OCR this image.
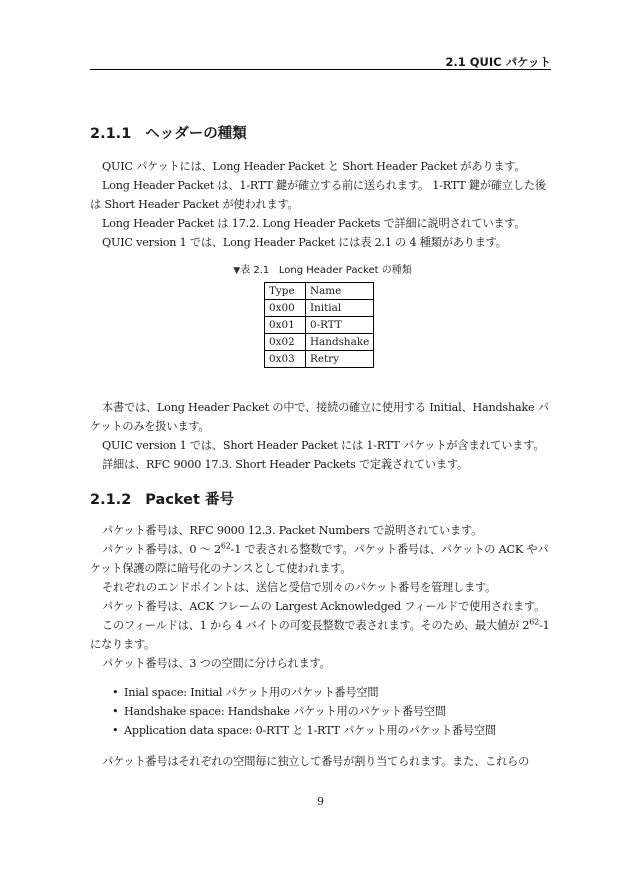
2.1 QUIC パケット
2.1.1 ヘッダーの種類

QUIC パケットには、Long Header Packet と Short Header Packet があります。

Long Header Packet は、1-RTT 鍵が確立する前に送られます。 1-RTT 鍵が確立した後は Short Header Packet が使われます。

Long Header Packet は 17.2. Long Header Packets で詳細に説明されています。

QUIC version 1 では、Long Header Packet には表 2.1 の 4 種類があります。

▼表 2.1 Long Header Packet の種類
Type	Name
0x00	Initial
0x01	0-RTT
0x02	Handshake
0x03	Retry

本書では、Long Header Packet の中で、接続の確立に使用する Initial、Handshake パケットのみを扱います。

QUIC version 1 では、Short Header Packet には 1-RTT パケットが含まれています。

詳細は、RFC 9000 17.3. Short Header Packets で定義されています。

2.1.2 Packet 番号

パケット番号は、RFC 9000 12.3. Packet Numbers で説明されています。

パケット番号は、0 〜 $2^{62}-1$ で表される整数です。パケット番号は、パケットの ACK やパケット保護の際に暗号化のナンスとして使われます。

それぞれのエンドポイントは、送信と受信で別々のパケット番号を管理します。

パケット番号は、ACK フレームの Largest Acknowledged フィールドで使用されます。

このフィールドは、1 から 4 バイトの可変長整数で表されます。そのため、最大値が $2^{62}-1$ になります。

パケット番号は、3 つの空間に分けられます。

• Inial space: Initial パケット用のパケット番号空間
• Handshake space: Handshake パケット用のパケット番号空間
• Application data space: 0-RTT と 1-RTT パケット用のパケット番号空間

パケット番号はそれぞれの空間毎に独立して番号が割り当てられます。また、これらの

9
